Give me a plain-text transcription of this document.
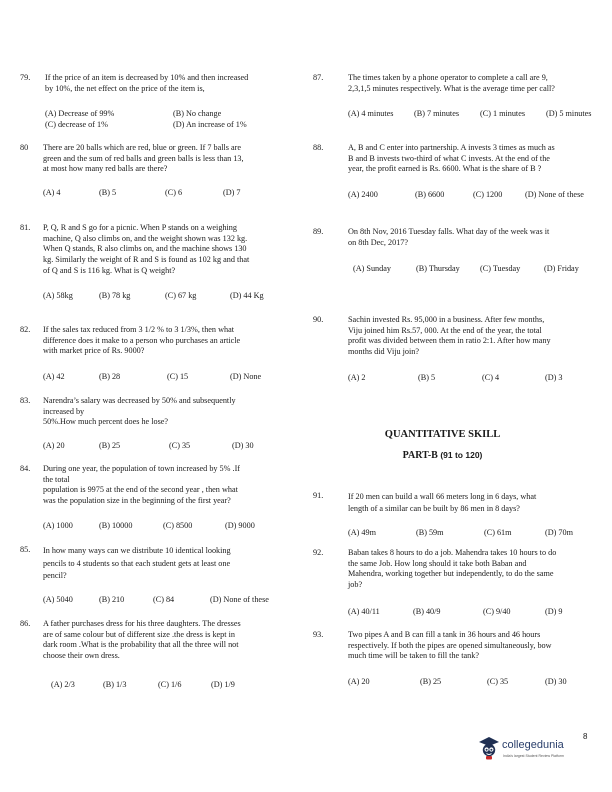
79. If the price of an item is decreased by 10% and then increased
by 10%, the net effect on the price of the item is,
(A) Decrease of 99%	(B) No change
(C) decrease of 1%	(D) An increase of 1%
80 There are 20 balls which are red, blue or green. If 7 balls are
green and the sum of red balls and green balls is less than 13,
at most how many red balls are there?
(A) 4	(B) 5	(C) 6	(D) 7
81. P, Q, R and S go for a picnic. When P stands on a weighing
machine, Q also climbs on, and the weight shown was 132 kg.
When Q stands, R also climbs on, and the machine shows 130
kg. Similarly the weight of R and S is found as 102 kg and that
of Q and S is 116 kg. What is Q weight?
(A) 58kg	(B) 78 kg	(C) 67 kg	(D) 44 Kg
82. If the sales tax reduced from 3 1/2 % to 3 1/3%, then what
difference does it make to a person who purchases an article
with market price of Rs. 9000?
(A) 42	(B) 28	(C) 15	(D) None
83. Narendra’s salary was decreased by 50% and subsequently
increased by
50%.How much percent does he lose?
(A) 20	(B) 25	(C) 35	(D) 30
84. During one year, the population of town increased by 5% .If
the total
population is 9975 at the end of the second year , then what
was the population size in the beginning of the first year?
(A) 1000	(B) 10000	(C) 8500	(D) 9000
85. In how many ways can we distribute 10 identical looking
pencils to 4 students so that each student gets at least one
pencil?
(A) 5040	(B) 210	(C) 84	(D) None of these
86. A father purchases dress for his three daughters. The dresses
are of same colour but of different size .the dress is kept in
dark room .What is the probability that all the three will not
choose their own dress.
(A) 2/3	(B) 1/3	(C) 1/6	(D) 1/9
87.	The times taken by a phone operator to complete a call are 9,
2,3,1,5 minutes respectively. What is the average time per call?
(A) 4 minutes	(B) 7 minutes	(C) 1 minutes	(D) 5 minutes
88.	A, B and C enter into partnership. A invests 3 times as much as
B and B invests two-third of what C invests. At the end of the
year, the profit earned is Rs. 6600. What is the share of B ?
(A) 2400	(B) 6600	(C) 1200	(D) None of these
89.	On 8th Nov, 2016 Tuesday falls. What day of the week was it
on 8th Dec, 2017?
(A) Sunday	(B) Thursday (C) Tuesday	(D) Friday
90.	Sachin invested Rs. 95,000 in a business. After few months,
Viju joined him Rs.57, 000. At the end of the year, the total
profit was divided between them in ratio 2:1. After how many
months did Viju join?
(A) 2	(B) 5	(C) 4	(D) 3
QUANTITATIVE SKILL
PART-B (91 to 120)
91.	If 20 men can build a wall 66 meters long in 6 days, what
length of a similar can be built by 86 men in 8 days?
(A) 49m	(B) 59m	(C) 61m	(D) 70m
92.	Baban takes 8 hours to do a job. Mahendra takes 10 hours to do
the same Job. How long should it take both Baban and
Mahendra, working together but independently, to do the same
job?
(A) 40/11	(B) 40/9	(C) 9/40	(D) 9
93.	Two pipes A and B can fill a tank in 36 hours and 46 hours
respectively. If both the pipes are opened simultaneously, bow
much time will be taken to fill the tank?
(A) 20	(B) 25	(C) 35	(D) 30
8
collegedunia
India's largest Student Review Platform
